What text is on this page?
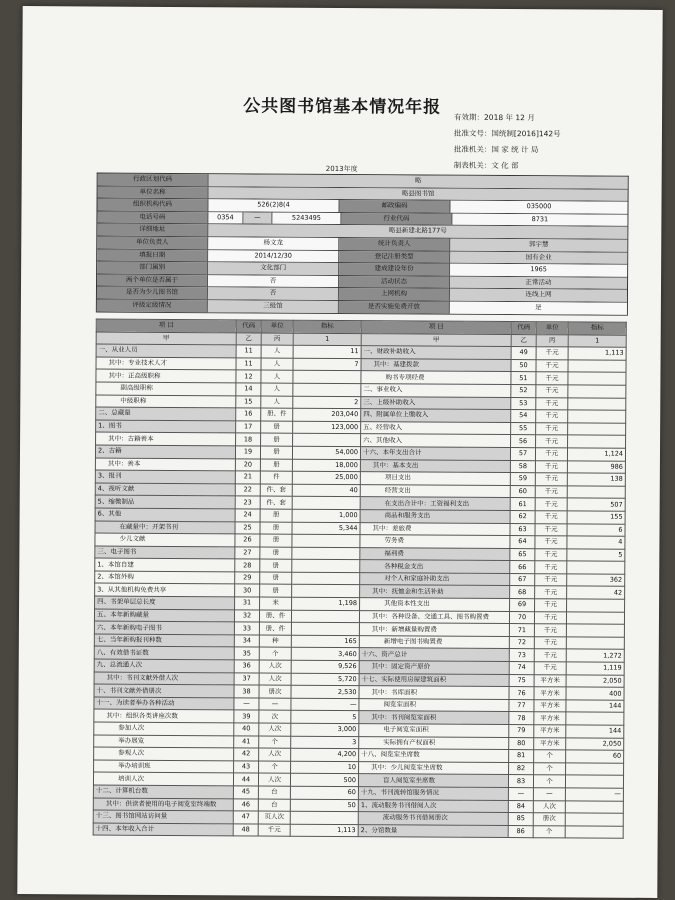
公共图书馆基本情况年报	有效期：2018 年 12 月
批准文号：国统制[2016]142号
批准机关：国 家 统 计 局
制表机关：文 化 部
2013年度
行政区划代码	略
单位名称	略县图书馆
组织机构代码	526(2)8(4	邮政编码	035000
电话号码	0354	—	5243495	行业代码	8731
详细地址	略县新建北路177号
单位负责人	杨文龙	统计负责人	郭宇慧
填报日期	2014/12/30	登记注册类型	国有企业
部门属别	文化部门	建成建设年份	1965
两个单位是否属于	否	活动状态	正常活动
是否为少儿图书馆	否	上网机构	连线上网
评级定级情况	三级馆	是否实施免费开放	是
项 目	代码	单位	指标	项 目	代码	单位	指标
甲	乙	丙	1	甲	乙	丙	1
一、从业人员	11	人	11	一、财政补助收入	49	千元	1,113
其中：专业技术人才	11	人	7	其中：基建拨款	50	千元	
其中：正高级职称	12	人		购书专项经费	51	千元	
副高级职称	14	人		二、事业收入	52	千元	
中级职称	15	人	2	三、上级补助收入	53	千元	
二、总藏量	16	册、件	203,040	四、附属单位上缴收入	54	千元	
1、图书	17	册	123,000	五、经营收入	55	千元	
其中：古籍善本	18	册		六、其他收入	56	千元	
2、古籍	19	册	54,000	十六、本年支出合计	57	千元	1,124
其中：善本	20	册	18,000	其中：基本支出	58	千元	986
3、报刊	21	件	25,000	项目支出	59	千元	138
4、视听文献	22	件、套	40	经营支出	60	千元	
5、缩微制品	23	件、套		在支出合计中：工资福利支出	61	千元	507
6、其他	24	册	1,000	商品和服务支出	62	千元	155
在藏量中：开架书刊	25	册	5,344	其中：差旅费	63	千元	6
少儿文献	26	册		劳务费	64	千元	4
三、电子图书	27	册		福利费	65	千元	5
1、本馆自建	28	册		各种税金支出	66	千元	
2、本馆外购	29	册		对个人和家庭补助支出	67	千元	362
3、从其他机构免费共享	30	册		其中：抚恤金和生活补助	68	千元	42
四、书架单层总长度	31	米	1,198	其他资本性支出	69	千元	
五、本年新购藏量	32	册、件		其中：各种设备、交通工具、图书购置费	70	千元	
六、本年新购电子图书	33	册、件		其中：新增藏量购置费	71	千元	
七、当年新购报刊种数	34	种	165	新增电子图书购置费	72	千元	
八、有效借书证数	35	个	3,460	十六、资产总计	73	千元	1,272
九、总流通人次	36	人次	9,526	其中：固定资产原价	74	千元	1,119
其中：书刊文献外借人次	37	人次	5,720	十七、实际使用房屋建筑面积	75	平方米	2,050
十、书刊文献外借册次	38	册次	2,530	其中：书库面积	76	平方米	400
十一、为读者举办各种活动	—	—	—	阅览室面积	77	平方米	144
其中：组织各类讲座次数	39	次	5	其中：书刊阅览室面积	78	平方米	
参加人次	40	人次	3,000	电子阅览室面积	79	平方米	144
举办展览	41	个	3	实际拥有产权面积	80	平方米	2,050
参观人次	42	人次	4,200	十八、阅览室坐席数	81	个	60
举办培训班	43	个	10	其中：少儿阅览室坐席数	82	个	
培训人次	44	人次	500	盲人阅览室坐席数	83	个	
十二、计算机台数	45	台	60	十九、书刊流转馆服务情况	—	—	—
其中：供读者使用的电子阅览室终端数	46	台	50	1、流动服务书刊借阅人次	84	人次	
十三、图书馆网站访问量	47	页人次		流动服务书刊借阅册次	85	册次	
十四、本年收入合计	48	千元	1,113	2、分馆数量	86	个	
